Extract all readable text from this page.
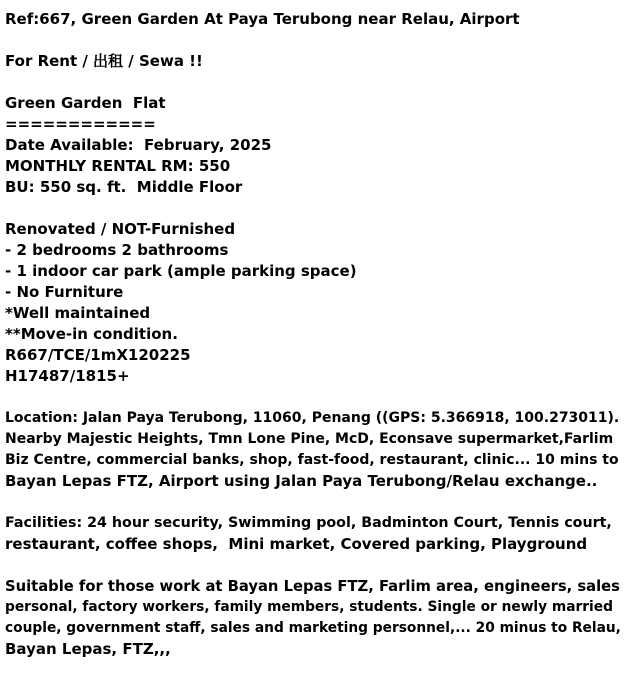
Ref:667, Green Garden At Paya Terubong near Relau, Airport
For Rent / 出租 / Sewa !!
Green Garden  Flat
============
Date Available:  February, 2025
MONTHLY RENTAL RM: 550
BU: 550 sq. ft.  Middle Floor
Renovated / NOT-Furnished
- 2 bedrooms 2 bathrooms
- 1 indoor car park (ample parking space)
- No Furniture
*Well maintained
**Move-in condition.
R667/TCE/1mX120225
H17487/1815+
Location: Jalan Paya Terubong, 11060, Penang ((GPS: 5.366918, 100.273011).
Nearby Majestic Heights, Tmn Lone Pine, McD, Econsave supermarket,Farlim
Biz Centre, commercial banks, shop, fast-food, restaurant, clinic... 10 mins to
Bayan Lepas FTZ, Airport using Jalan Paya Terubong/Relau exchange..
Facilities: 24 hour security, Swimming pool, Badminton Court, Tennis court,
restaurant, coffee shops,  Mini market, Covered parking, Playground
Suitable for those work at Bayan Lepas FTZ, Farlim area, engineers, sales
personal, factory workers, family members, students. Single or newly married
couple, government staff, sales and marketing personnel,... 20 minus to Relau,
Bayan Lepas, FTZ,,,
